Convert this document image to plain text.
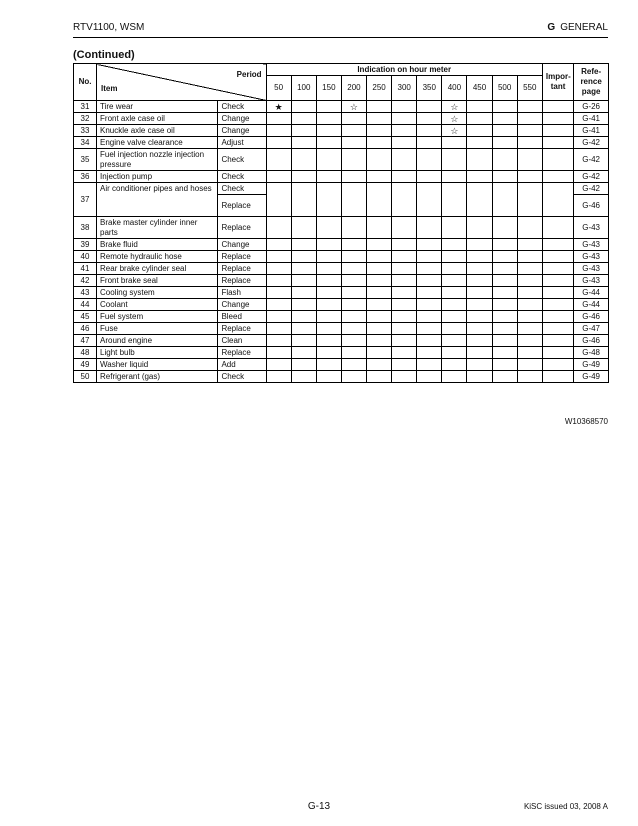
RTV1100, WSM	G GENERAL
(Continued)
No.	Period
Item		Indication on hour meter											Impor- tant	Refe- rence page
			50	100	150	200	250	300	350	400	450	500	550		
31	Tire wear	Check	★			☆				☆					G-26
32	Front axle case oil	Change								☆					G-41
33	Knuckle axle case oil	Change								☆					G-41
34	Engine valve clearance	Adjust													G-42
35	Fuel injection nozzle injection pressure	Check													G-42
36	Injection pump	Check													G-42
37	Air conditioner pipes and hoses	Check													G-42
		Replace													G-46
38	Brake master cylinder inner parts	Replace													G-43
39	Brake fluid	Change													G-43
40	Remote hydraulic hose	Replace													G-43
41	Rear brake cylinder seal	Replace													G-43
42	Front brake seal	Replace													G-43
43	Cooling system	Flash													G-44
44	Coolant	Change													G-44
45	Fuel system	Bleed													G-46
46	Fuse	Replace													G-47
47	Around engine	Clean													G-46
48	Light bulb	Replace													G-48
49	Washer liquid	Add													G-49
50	Refrigerant (gas)	Check													G-49
W10368570
G-13	KiSC issued 03, 2008 A
